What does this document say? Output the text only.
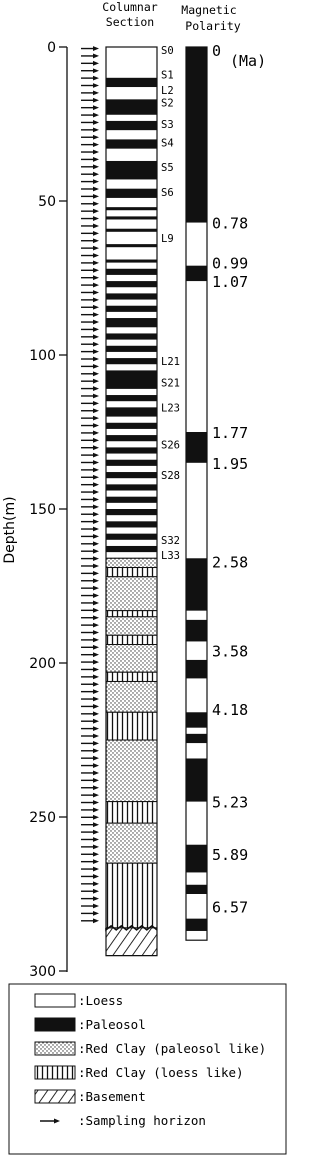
Columnar
Section
Magnetic
Polarity
Depth(m)
0
50
100
150
200
250
300
S0
S1
L2
S2
S3
S4
S5
S6
L9
L21
S21
L23
S26
S28
S32
L33
(Ma)
0
0.78
0.99
1.07
1.77
1.95
2.58
3.58
4.18
5.23
5.89
6.57
:Loess
:Paleosol
:Red Clay (paleosol like)
:Red Clay (loess like)
:Basement
:Sampling horizon
